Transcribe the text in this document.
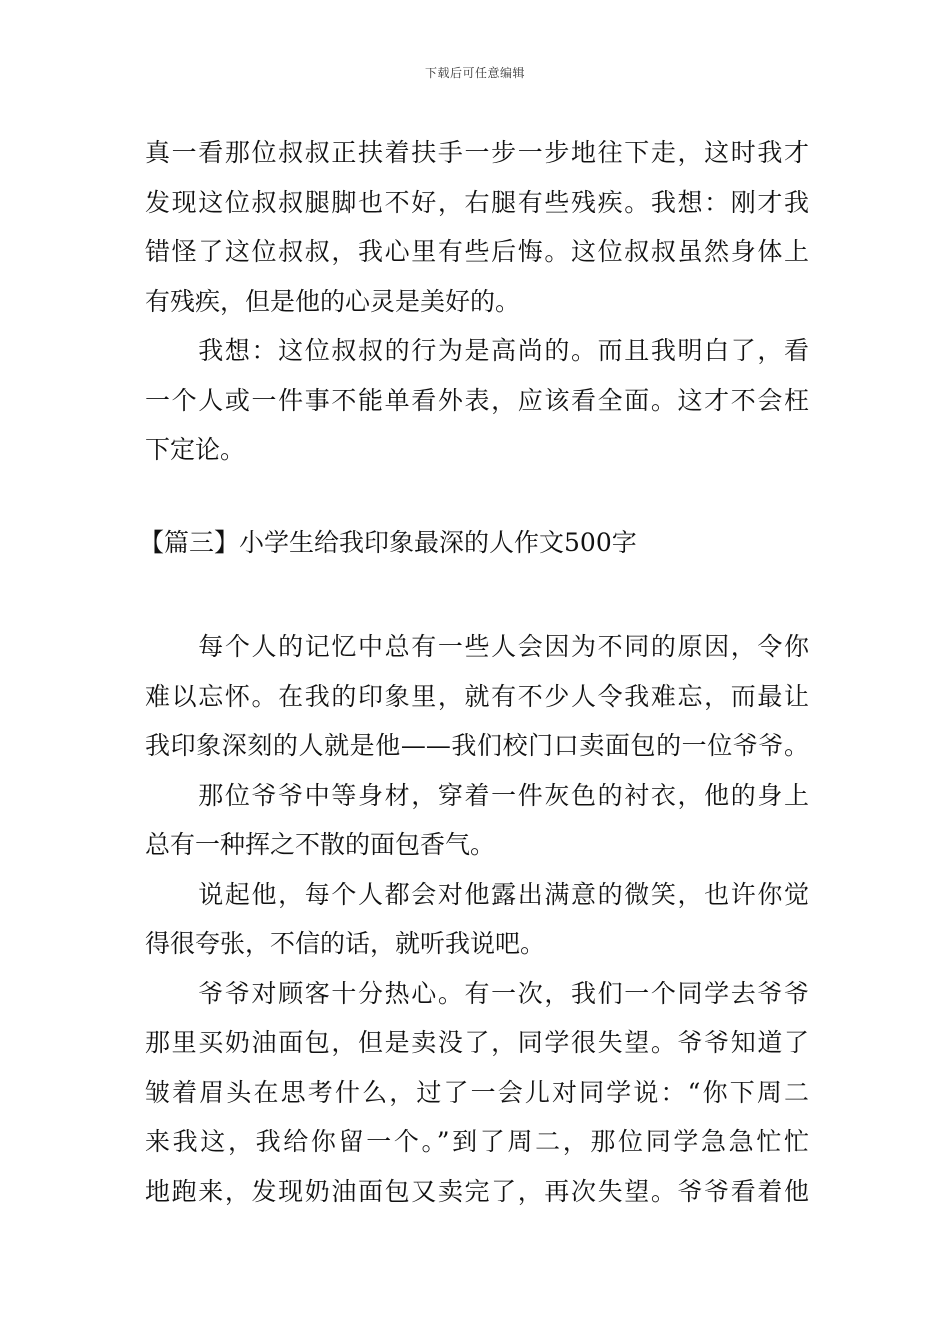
下载后可任意编辑
真一看那位叔叔正扶着扶手一步一步地往下走，这时我才
发现这位叔叔腿脚也不好，右腿有些残疾。我想：刚才我
错怪了这位叔叔，我心里有些后悔。这位叔叔虽然身体上
有残疾，但是他的心灵是美好的。
　　我想：这位叔叔的行为是高尚的。而且我明白了，看
一个人或一件事不能单看外表，应该看全面。这才不会枉
下定论。
【篇三】小学生给我印象最深的人作文500字
　　每个人的记忆中总有一些人会因为不同的原因，令你
难以忘怀。在我的印象里，就有不少人令我难忘，而最让
我印象深刻的人就是他——我们校门口卖面包的一位爷爷。
　　那位爷爷中等身材，穿着一件灰色的衬衣，他的身上
总有一种挥之不散的面包香气。
　　说起他，每个人都会对他露出满意的微笑，也许你觉
得很夸张，不信的话，就听我说吧。
　　爷爷对顾客十分热心。有一次，我们一个同学去爷爷
那里买奶油面包，但是卖没了，同学很失望。爷爷知道了
皱着眉头在思考什么，过了一会儿对同学说：“你下周二
来我这，我给你留一个。”到了周二，那位同学急急忙忙
地跑来，发现奶油面包又卖完了，再次失望。爷爷看着他
